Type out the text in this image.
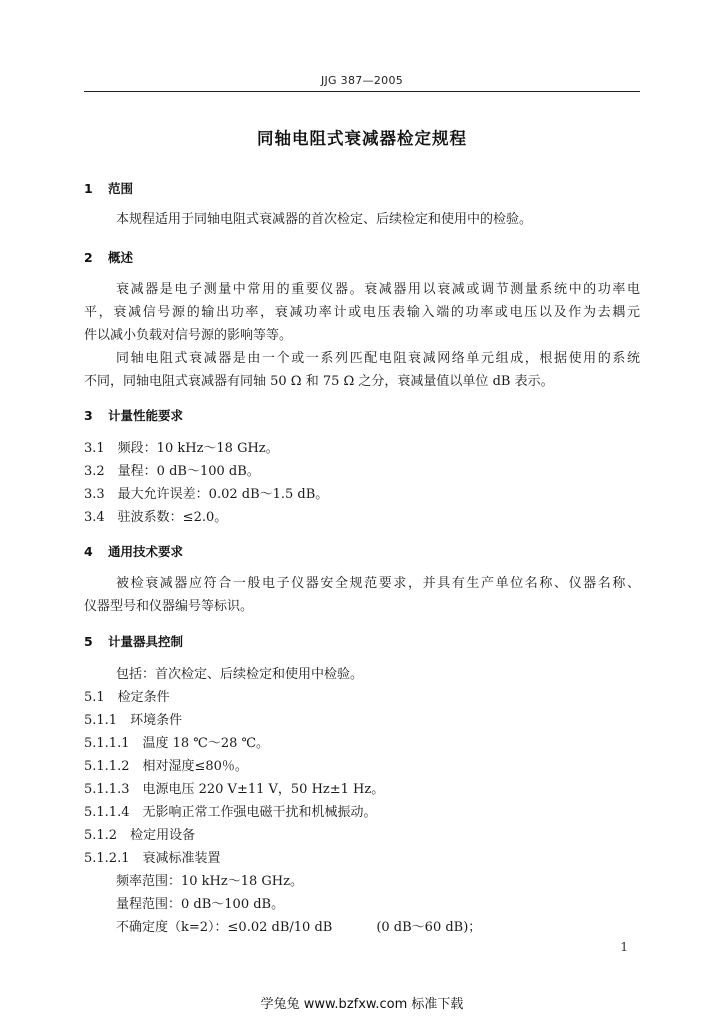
JJG 387—2005
同轴电阻式衰减器检定规程
1 范围
本规程适用于同轴电阻式衰减器的首次检定、后续检定和使用中的检验。
2 概述
衰减器是电子测量中常用的重要仪器。衰减器用以衰减或调节测量系统中的功率电
平，衰减信号源的输出功率，衰减功率计或电压表输入端的功率或电压以及作为去耦元
件以减小负载对信号源的影响等等。
同轴电阻式衰减器是由一个或一系列匹配电阻衰减网络单元组成，根据使用的系统
不同，同轴电阻式衰减器有同轴 50 Ω 和 75 Ω 之分，衰减量值以单位 dB 表示。
3 计量性能要求
3.1　频段：10 kHz～18 GHz。
3.2　量程：0 dB～100 dB。
3.3　最大允许误差：0.02 dB～1.5 dB。
3.4　驻波系数：≤2.0。
4 通用技术要求
被检衰减器应符合一般电子仪器安全规范要求，并具有生产单位名称、仪器名称、
仪器型号和仪器编号等标识。
5 计量器具控制
包括：首次检定、后续检定和使用中检验。
5.1　检定条件
5.1.1　环境条件
5.1.1.1　温度 18 ℃～28 ℃。
5.1.1.2　相对湿度≤80％。
5.1.1.3　电源电压 220 V±11 V，50 Hz±1 Hz。
5.1.1.4　无影响正常工作强电磁干扰和机械振动。
5.1.2　检定用设备
5.1.2.1　衰减标准装置
频率范围：10 kHz～18 GHz。
量程范围：0 dB～100 dB。
不确定度（k=2）：≤0.02 dB/10 dB	(0 dB～60 dB)；
1
学兔兔 www.bzfxw.com 标准下载
